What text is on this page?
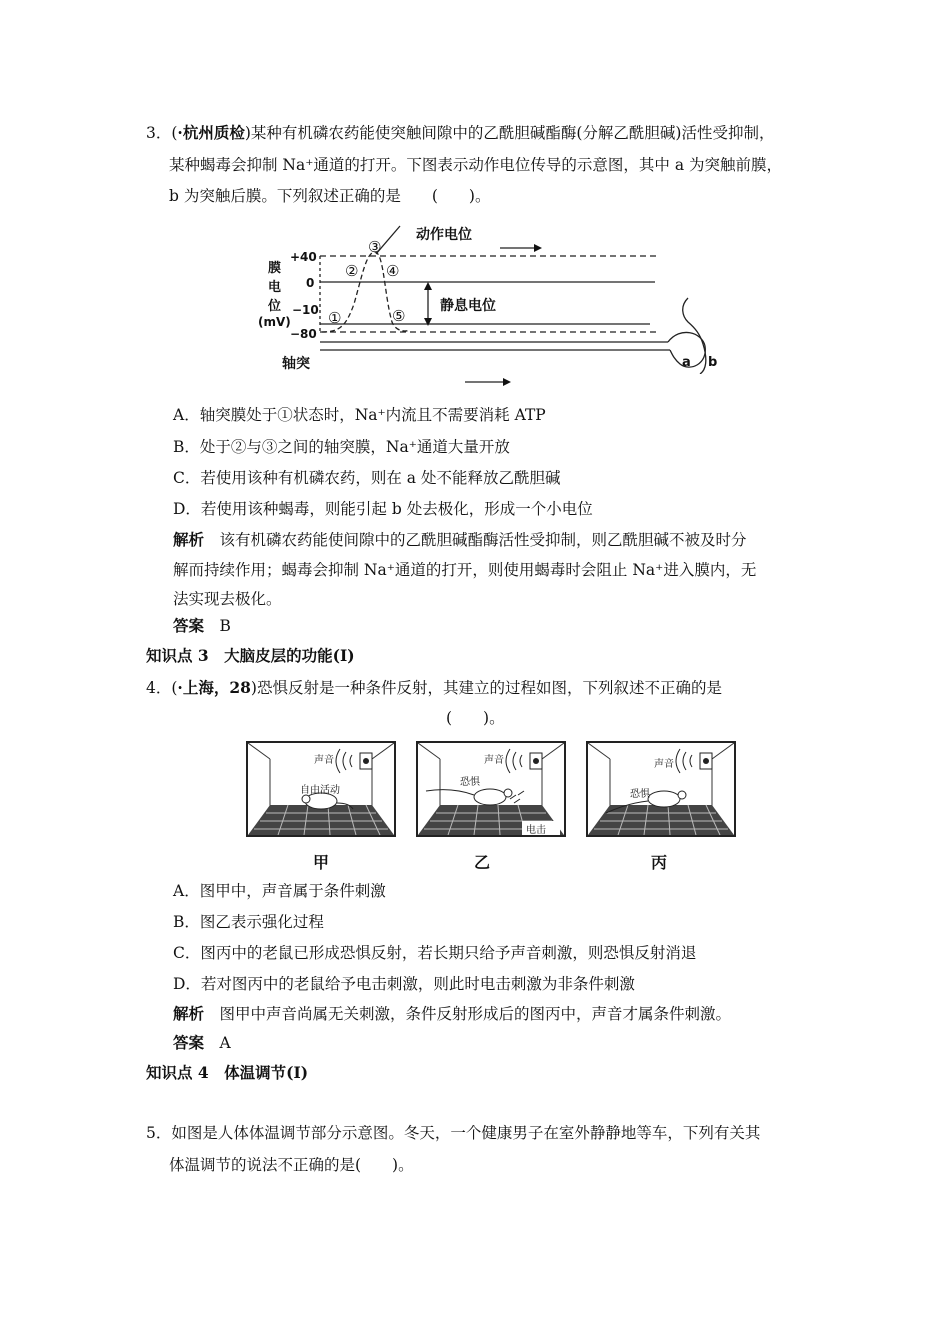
3．(·杭州质检)某种有机磷农药能使突触间隙中的乙酰胆碱酯酶(分解乙酰胆碱)活性受抑制，
某种蝎毒会抑制 Na⁺通道的打开。下图表示动作电位传导的示意图，其中 a 为突触前膜，
b 为突触后膜。下列叙述正确的是　　(　　)。
膜
电
位
(mV)
+40
0
−10
−80
动作电位
静息电位
轴突	a b
①
②
③
④
⑤
A．轴突膜处于①状态时，Na⁺内流且不需要消耗 ATP
B．处于②与③之间的轴突膜，Na⁺通道大量开放
C．若使用该种有机磷农药，则在 a 处不能释放乙酰胆碱
D．若使用该种蝎毒，则能引起 b 处去极化，形成一个小电位
解析　 该有机磷农药能使间隙中的乙酰胆碱酯酶活性受抑制，则乙酰胆碱不被及时分
解而持续作用；蝎毒会抑制 Na⁺通道的打开，则使用蝎毒时会阻止 Na⁺进入膜内，无
法实现去极化。
答案　 B
知识点 3　大脑皮层的功能(Ⅰ)
4．(·上海，28)恐惧反射是一种条件反射，其建立的过程如图，下列叙述不正确的是
(　　)。
声音
自由活动
声音
恐惧
电击
声音
恐惧
甲	乙	丙
A．图甲中，声音属于条件刺激
B．图乙表示强化过程
C．图丙中的老鼠已形成恐惧反射，若长期只给予声音刺激，则恐惧反射消退
D．若对图丙中的老鼠给予电击刺激，则此时电击刺激为非条件刺激
解析　 图甲中声音尚属无关刺激，条件反射形成后的图丙中，声音才属条件刺激。
答案　 A
知识点 4　体温调节(Ⅰ)
5．如图是人体体温调节部分示意图。冬天，一个健康男子在室外静静地等车，下列有关其
体温调节的说法不正确的是(　　)。
